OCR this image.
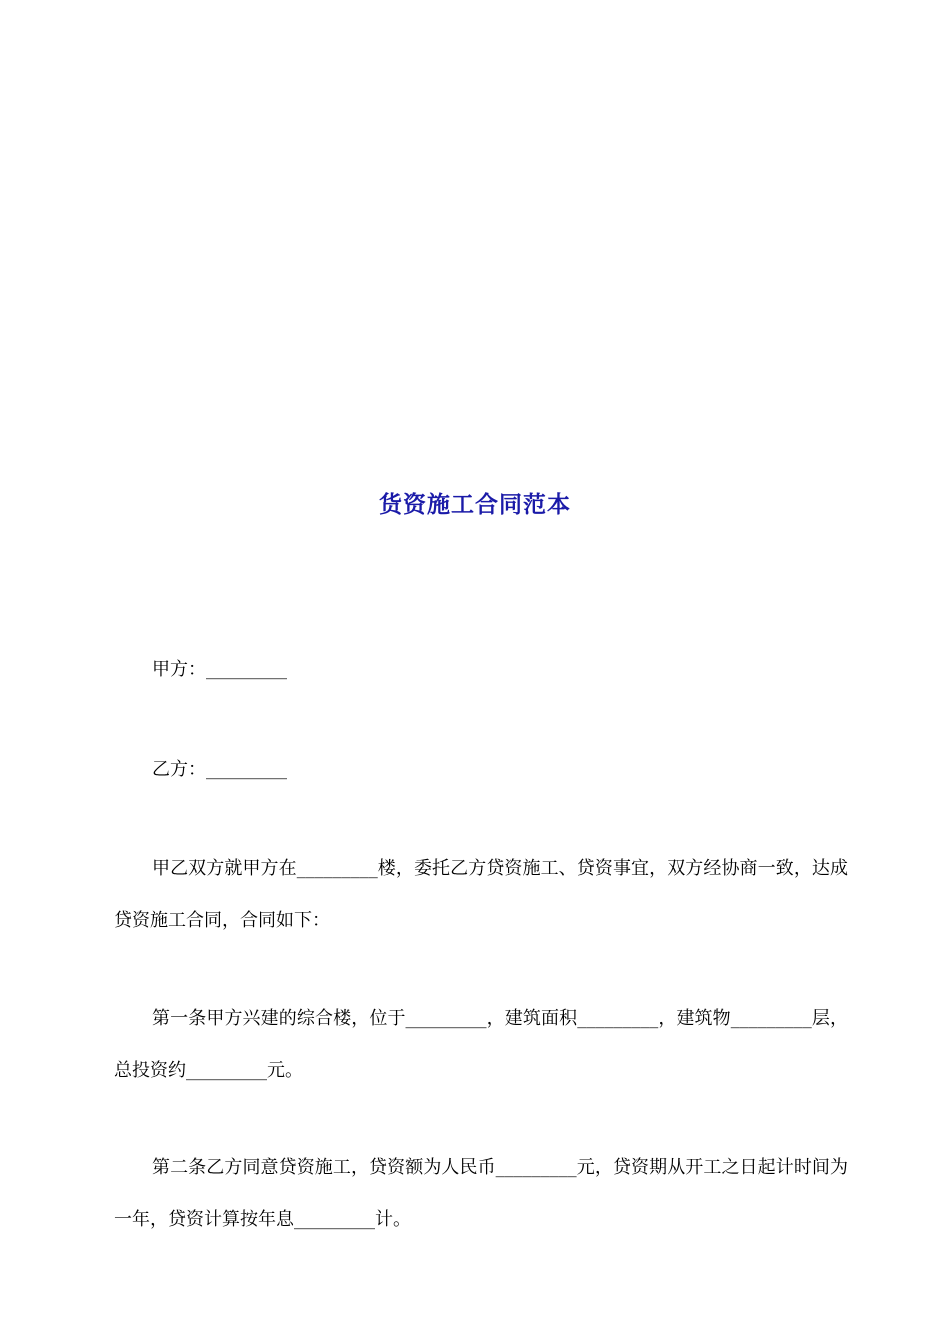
货资施工合同范本
甲方：_________
乙方：_________
甲乙双方就甲方在_________楼，委托乙方贷资施工、贷资事宜，双方经协商一致，达成贷资施工合同，合同如下：
第一条甲方兴建的综合楼，位于_________，建筑面积_________，建筑物_________层，总投资约_________元。
第二条乙方同意贷资施工，贷资额为人民币_________元，贷资期从开工之日起计时间为一年，贷资计算按年息_________计。
